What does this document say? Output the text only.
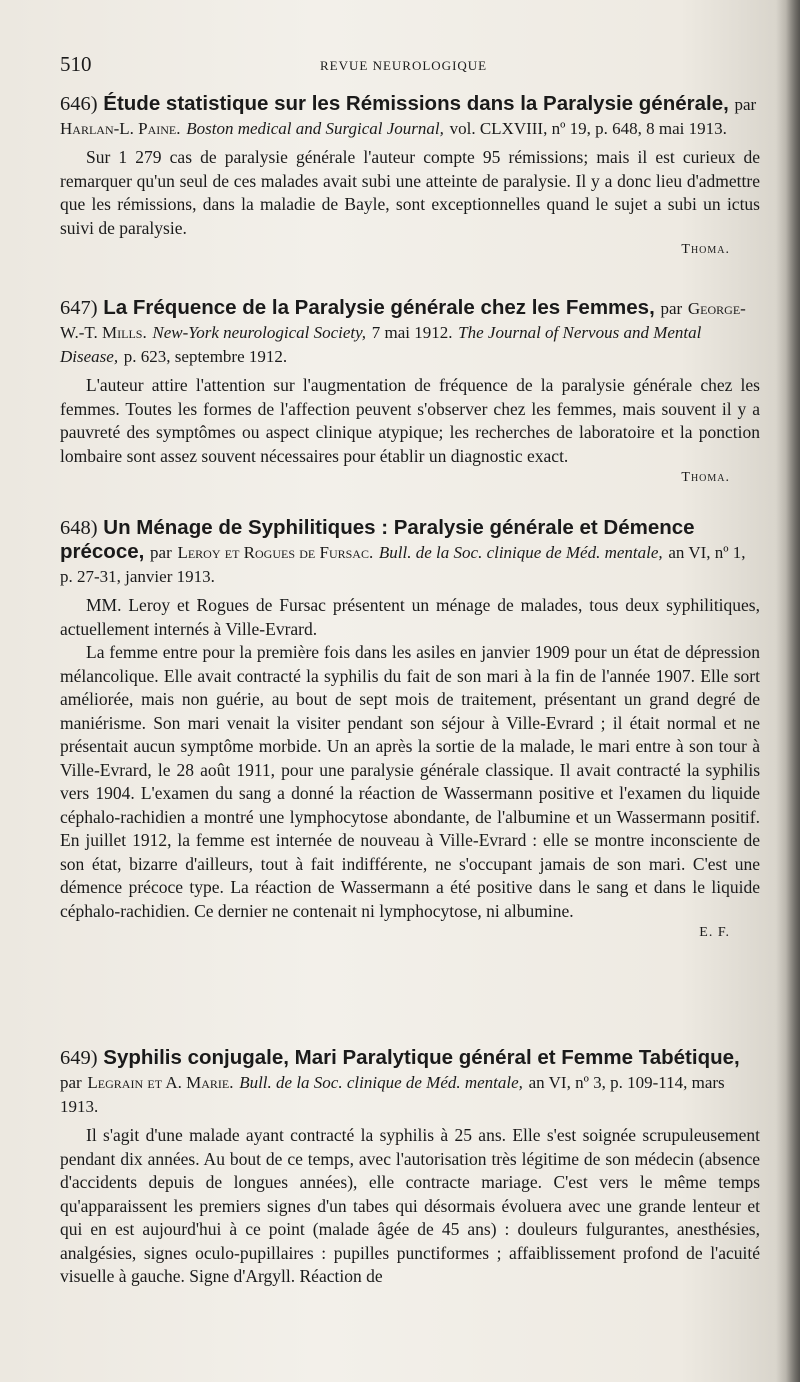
510	REVUE NEUROLOGIQUE

646) Étude statistique sur les Rémissions dans la Paralysie générale, par Harlan-L. Paine. Boston medical and Surgical Journal, vol. CLXVIII, nº 19, p. 648, 8 mai 1913.

Sur 1 279 cas de paralysie générale l'auteur compte 95 rémissions; mais il est curieux de remarquer qu'un seul de ces malades avait subi une atteinte de paralysie. Il y a donc lieu d'admettre que les rémissions, dans la maladie de Bayle, sont exceptionnelles quand le sujet a subi un ictus suivi de paralysie.

Thoma.

647) La Fréquence de la Paralysie générale chez les Femmes, par George-W.-T. Mills. New-York neurological Society, 7 mai 1912. The Journal of Nervous and Mental Disease, p. 623, septembre 1912.

L'auteur attire l'attention sur l'augmentation de fréquence de la paralysie générale chez les femmes. Toutes les formes de l'affection peuvent s'observer chez les femmes, mais souvent il y a pauvreté des symptômes ou aspect clinique atypique; les recherches de laboratoire et la ponction lombaire sont assez souvent nécessaires pour établir un diagnostic exact.

Thoma.

648) Un Ménage de Syphilitiques : Paralysie générale et Démence précoce, par Leroy et Rogues de Fursac. Bull. de la Soc. clinique de Méd. mentale, an VI, nº 1, p. 27-31, janvier 1913.

MM. Leroy et Rogues de Fursac présentent un ménage de malades, tous deux syphilitiques, actuellement internés à Ville-Evrard.

La femme entre pour la première fois dans les asiles en janvier 1909 pour un état de dépression mélancolique. Elle avait contracté la syphilis du fait de son mari à la fin de l'année 1907. Elle sort améliorée, mais non guérie, au bout de sept mois de traitement, présentant un grand degré de maniérisme. Son mari venait la visiter pendant son séjour à Ville-Evrard ; il était normal et ne présentait aucun symptôme morbide. Un an après la sortie de la malade, le mari entre à son tour à Ville-Evrard, le 28 août 1911, pour une paralysie générale classique. Il avait contracté la syphilis vers 1904. L'examen du sang a donné la réaction de Wassermann positive et l'examen du liquide céphalo-rachidien a montré une lymphocytose abondante, de l'albumine et un Wassermann positif. En juillet 1912, la femme est internée de nouveau à Ville-Evrard : elle se montre inconsciente de son état, bizarre d'ailleurs, tout à fait indifférente, ne s'occupant jamais de son mari. C'est une démence précoce type. La réaction de Wassermann a été positive dans le sang et dans le liquide céphalo-rachidien. Ce dernier ne contenait ni lymphocytose, ni albumine.

E. F.

649) Syphilis conjugale, Mari Paralytique général et Femme Tabétique, par Legrain et A. Marie. Bull. de la Soc. clinique de Méd. mentale, an VI, nº 3, p. 109-114, mars 1913.

Il s'agit d'une malade ayant contracté la syphilis à 25 ans. Elle s'est soignée scrupuleusement pendant dix années. Au bout de ce temps, avec l'autorisation très légitime de son médecin (absence d'accidents depuis de longues années), elle contracte mariage. C'est vers le même temps qu'apparaissent les premiers signes d'un tabes qui désormais évoluera avec une grande lenteur et qui en est aujourd'hui à ce point (malade âgée de 45 ans) : douleurs fulgurantes, anesthésies, analgésies, signes oculo-pupillaires : pupilles punctiformes ; affaiblissement profond de l'acuité visuelle à gauche. Signe d'Argyll. Réaction de
